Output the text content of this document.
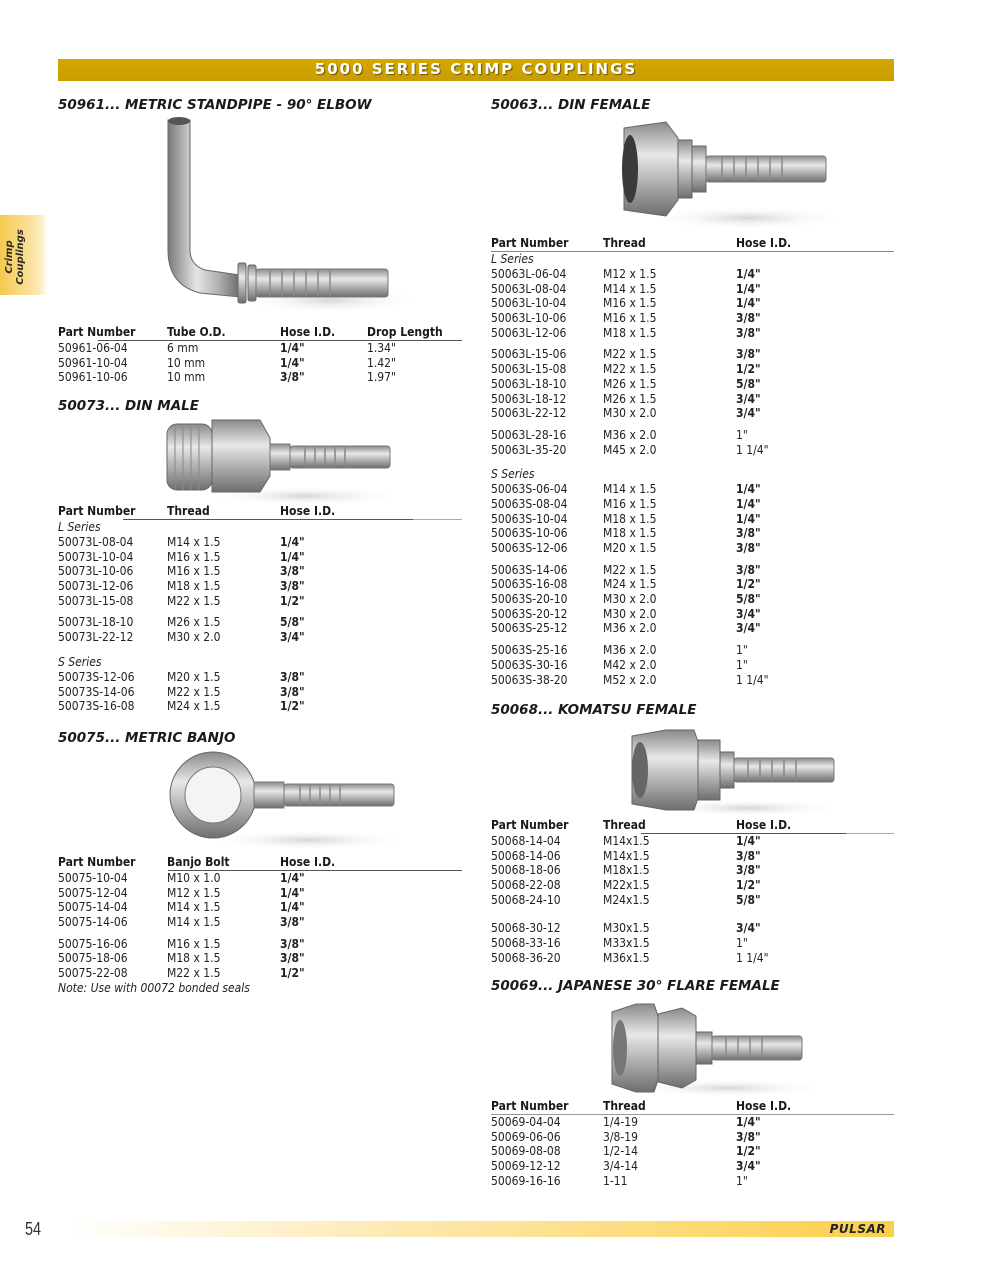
5000 SERIES CRIMP COUPLINGS
Crimp Couplings
50961... METRIC STANDPIPE - 90° ELBOW
Part Number	Tube O.D.	Hose I.D.	Drop Length
50961-06-04	6 mm	1/4"	1.34"
50961-10-04	10 mm	1/4"	1.42"
50961-10-06	10 mm	3/8"	1.97"
50073... DIN MALE
Part Number	Thread	Hose I.D.
L Series
50073L-08-04	M14 x 1.5	1/4"
50073L-10-04	M16 x 1.5	1/4"
50073L-10-06	M16 x 1.5	3/8"
50073L-12-06	M18 x 1.5	3/8"
50073L-15-08	M22 x 1.5	1/2"
50073L-18-10	M26 x 1.5	5/8"
50073L-22-12	M30 x 2.0	3/4"
S Series
50073S-12-06	M20 x 1.5	3/8"
50073S-14-06	M22 x 1.5	3/8"
50073S-16-08	M24 x 1.5	1/2"
50075... METRIC BANJO
Part Number	Banjo Bolt	Hose I.D.
50075-10-04	M10 x 1.0	1/4"
50075-12-04	M12 x 1.5	1/4"
50075-14-04	M14 x 1.5	1/4"
50075-14-06	M14 x 1.5	3/8"
50075-16-06	M16 x 1.5	3/8"
50075-18-06	M18 x 1.5	3/8"
50075-22-08	M22 x 1.5	1/2"
Note: Use with 00072 bonded seals
50063... DIN FEMALE
Part Number	Thread	Hose I.D.
L Series
50063L-06-04	M12 x 1.5	1/4"
50063L-08-04	M14 x 1.5	1/4"
50063L-10-04	M16 x 1.5	1/4"
50063L-10-06	M16 x 1.5	3/8"
50063L-12-06	M18 x 1.5	3/8"
50063L-15-06	M22 x 1.5	3/8"
50063L-15-08	M22 x 1.5	1/2"
50063L-18-10	M26 x 1.5	5/8"
50063L-18-12	M26 x 1.5	3/4"
50063L-22-12	M30 x 2.0	3/4"
50063L-28-16	M36 x 2.0	1"
50063L-35-20	M45 x 2.0	1 1/4"
S Series
50063S-06-04	M14 x 1.5	1/4"
50063S-08-04	M16 x 1.5	1/4"
50063S-10-04	M18 x 1.5	1/4"
50063S-10-06	M18 x 1.5	3/8"
50063S-12-06	M20 x 1.5	3/8"
50063S-14-06	M22 x 1.5	3/8"
50063S-16-08	M24 x 1.5	1/2"
50063S-20-10	M30 x 2.0	5/8"
50063S-20-12	M30 x 2.0	3/4"
50063S-25-12	M36 x 2.0	3/4"
50063S-25-16	M36 x 2.0	1"
50063S-30-16	M42 x 2.0	1"
50063S-38-20	M52 x 2.0	1 1/4"
50068... KOMATSU FEMALE
Part Number	Thread	Hose I.D.
50068-14-04	M14x1.5	1/4"
50068-14-06	M14x1.5	3/8"
50068-18-06	M18x1.5	3/8"
50068-22-08	M22x1.5	1/2"
50068-24-10	M24x1.5	5/8"
50068-30-12	M30x1.5	3/4"
50068-33-16	M33x1.5	1"
50068-36-20	M36x1.5	1 1/4"
50069... JAPANESE 30° FLARE FEMALE
Part Number	Thread	Hose I.D.
50069-04-04	1/4-19	1/4"
50069-06-06	3/8-19	3/8"
50069-08-08	1/2-14	1/2"
50069-12-12	3/4-14	3/4"
50069-16-16	1-11	1"
54	PULSAR
